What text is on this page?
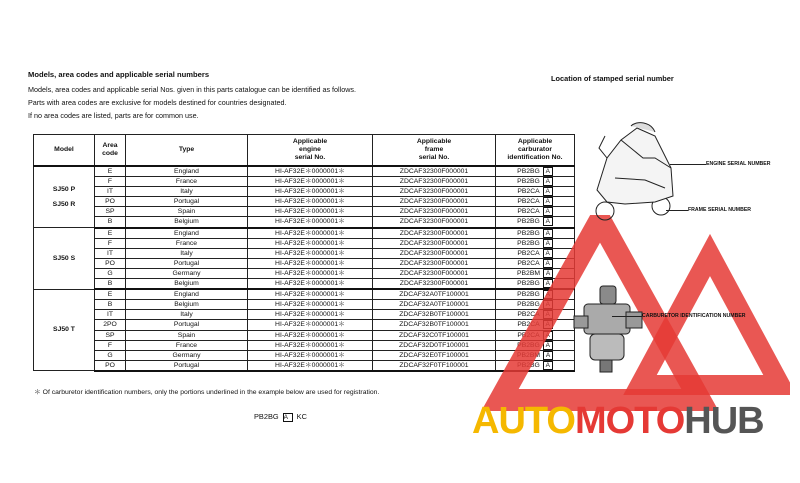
Models, area codes and applicable serial numbers
Models, area codes and applicable serial Nos. given in this parts catalogue can be identified as follows.
Parts with area codes are exclusive for models destined for countries designated.
If no area codes are listed, parts are for common use.
Location of stamped serial number
Model	Area
code	Type	Applicable
engine
serial No.	Applicable
frame
serial No.	Applicable
carburator
identification No.

SJ50 P
SJ50 R	E	England	HI-AF32E＊0000001＊	ZDCAF32300F000001	PB2BG A
	F	France	HI-AF32E＊0000001＊	ZDCAF32300F000001	PB2BG A
	IT	Italy	HI-AF32E＊0000001＊	ZDCAF32300F000001	PB2CA A
	PO	Portugal	HI-AF32E＊0000001＊	ZDCAF32300F000001	PB2CA A
	SP	Spain	HI-AF32E＊0000001＊	ZDCAF32300F000001	PB2CA A
	B	Belgium	HI-AF32E＊0000001＊	ZDCAF32300F000001	PB2BG A

SJ50 S	E	England	HI-AF32E＊0000001＊	ZDCAF32300F000001	PB2BG A
	F	France	HI-AF32E＊0000001＊	ZDCAF32300F000001	PB2BG A
	IT	Italy	HI-AF32E＊0000001＊	ZDCAF32300F000001	PB2CA A
	PO	Portugal	HI-AF32E＊0000001＊	ZDCAF32300F000001	PB2CA A
	G	Germany	HI-AF32E＊0000001＊	ZDCAF32300F000001	PB2BM A
	B	Belgium	HI-AF32E＊0000001＊	ZDCAF32300F000001	PB2BG A

SJ50 T	E	England	HI-AF32E＊0000001＊	ZDCAF32A0TF100001	PB2BG A
	B	Belgium	HI-AF32E＊0000001＊	ZDCAF32A0TF100001	PB2BG A
	IT	Italy	HI-AF32E＊0000001＊	ZDCAF32B0TF100001	PB2CA A
	2PO	Portugal	HI-AF32E＊0000001＊	ZDCAF32B0TF100001	PB2CA A
	SP	Spain	HI-AF32E＊0000001＊	ZDCAF32C0TF100001	PB2CA A
	F	France	HI-AF32E＊0000001＊	ZDCAF32D0TF100001	PB2BG A
	G	Germany	HI-AF32E＊0000001＊	ZDCAF32E0TF100001	PB2BM A
	PO	Portugal	HI-AF32E＊0000001＊	ZDCAF32F0TF100001	PB2BG A
＊ Of carburetor identification numbers, only the portions underlined in the example below are used for registration.
PB2BG A KC
ENGINE SERIAL NUMBER
FRAME SERIAL NUMBER
CARBURETOR IDENTIFICATION NUMBER
AUTOMOTOHUB
